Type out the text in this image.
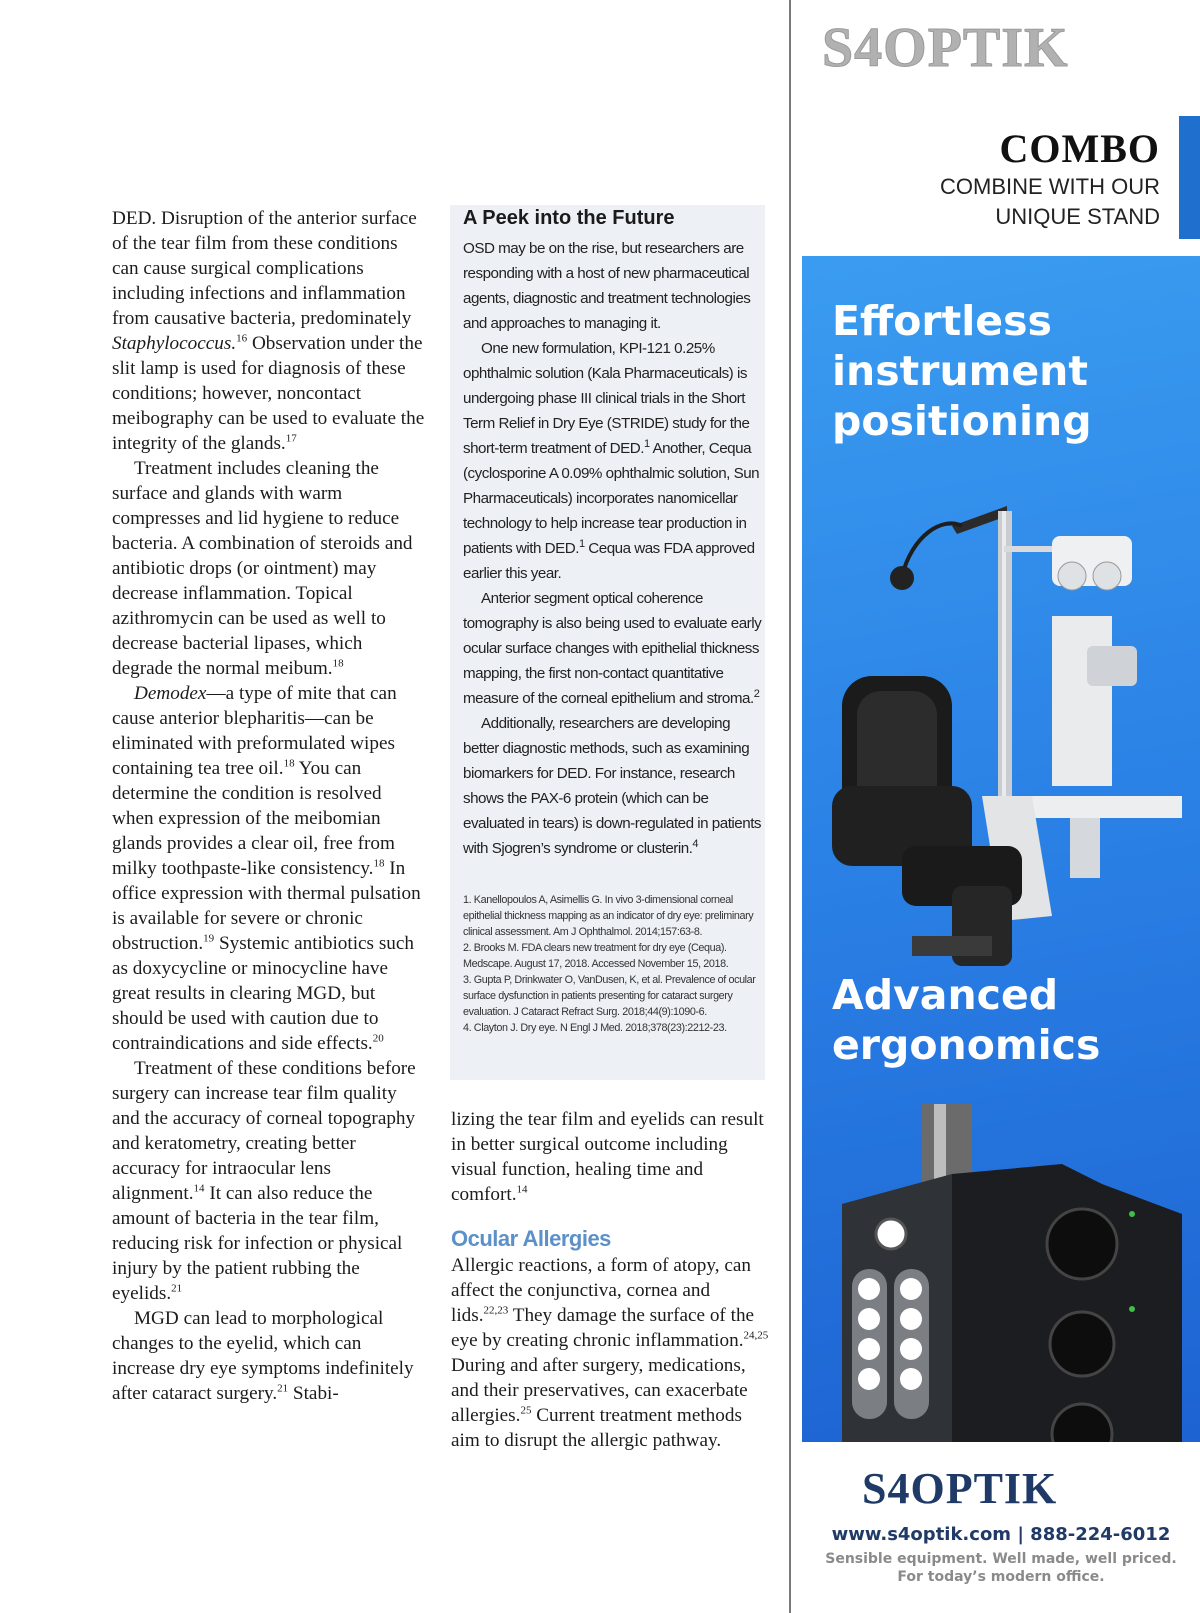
DED. Disruption of the anterior surface of the tear film from these conditions can cause surgical complications including infections and inflammation from causative bacteria, predominately Staphylococcus.$^{16}$ Observation under the slit lamp is used for diagnosis of these conditions; however, noncontact meibography can be used to evaluate the integrity of the glands.$^{17}$

Treatment includes cleaning the surface and glands with warm compresses and lid hygiene to reduce bacteria. A combination of steroids and antibiotic drops (or ointment) may decrease inflammation. Topical azithromycin can be used as well to decrease bacterial lipases, which degrade the normal meibum.$^{18}$

Demodex—a type of mite that can cause anterior blepharitis—can be eliminated with preformulated wipes containing tea tree oil.$^{18}$ You can determine the condition is resolved when expression of the meibomian glands provides a clear oil, free from milky toothpaste-like consistency.$^{18}$ In office expression with thermal pulsation is available for severe or chronic obstruction.$^{19}$ Systemic antibiotics such as doxycycline or minocycline have great results in clearing MGD, but should be used with caution due to contraindications and side effects.$^{20}$

Treatment of these conditions before surgery can increase tear film quality and the accuracy of corneal topography and keratometry, creating better accuracy for intraocular lens alignment.$^{14}$ It can also reduce the amount of bacteria in the tear film, reducing risk for infection or physical injury by the patient rubbing the eyelids.$^{21}$

MGD can lead to morphological changes to the eyelid, which can increase dry eye symptoms indefinitely after cataract surgery.$^{21}$ Stabi-

A Peek into the Future

OSD may be on the rise, but researchers are responding with a host of new pharmaceutical agents, diagnostic and treatment technologies and approaches to managing it.

One new formulation, KPI-121 0.25% ophthalmic solution (Kala Pharmaceuticals) is undergoing phase III clinical trials in the Short Term Relief in Dry Eye (STRIDE) study for the short-term treatment of DED.$^1$ Another, Cequa (cyclosporine A 0.09% ophthalmic solution, Sun Pharmaceuticals) incorporates nanomicellar technology to help increase tear production in patients with DED.$^1$ Cequa was FDA approved earlier this year.

Anterior segment optical coherence tomography is also being used to evaluate early ocular surface changes with epithelial thickness mapping, the first non-contact quantitative measure of the corneal epithelium and stroma.$^2$

Additionally, researchers are developing better diagnostic methods, such as examining biomarkers for DED. For instance, research shows the PAX-6 protein (which can be evaluated in tears) is down-regulated in patients with Sjogren’s syndrome or clusterin.$^4$

1. Kanellopoulos A, Asimellis G. In vivo 3-dimensional corneal epithelial thickness mapping as an indicator of dry eye: preliminary clinical assessment. Am J Ophthalmol. 2014;157:63-8.

2. Brooks M. FDA clears new treatment for dry eye (Cequa). Medscape. August 17, 2018. Accessed November 15, 2018.

3. Gupta P, Drinkwater O, VanDusen, K, et al. Prevalence of ocular surface dysfunction in patients presenting for cataract surgery evaluation. J Cataract Refract Surg. 2018;44(9):1090-6.

4. Clayton J. Dry eye. N Engl J Med. 2018;378(23):2212-23.

lizing the tear film and eyelids can result in better surgical outcome including visual function, healing time and comfort.$^{14}$

Ocular Allergies

Allergic reactions, a form of atopy, can affect the conjunctiva, cornea and lids.$^{22,23}$ They damage the surface of the eye by creating chronic inflammation.$^{24,25}$ During and after surgery, medications, and their preservatives, can exacerbate allergies.$^{25}$ Current treatment methods aim to disrupt the allergic pathway.

S4OPTIK
COMBO
COMBINE WITH OUR
UNIQUE STAND
Effortless instrument positioning
Advanced ergonomics
S4OPTIK
www.s4optik.com | 888-224-6012
Sensible equipment. Well made, well priced.
For today’s modern office.
